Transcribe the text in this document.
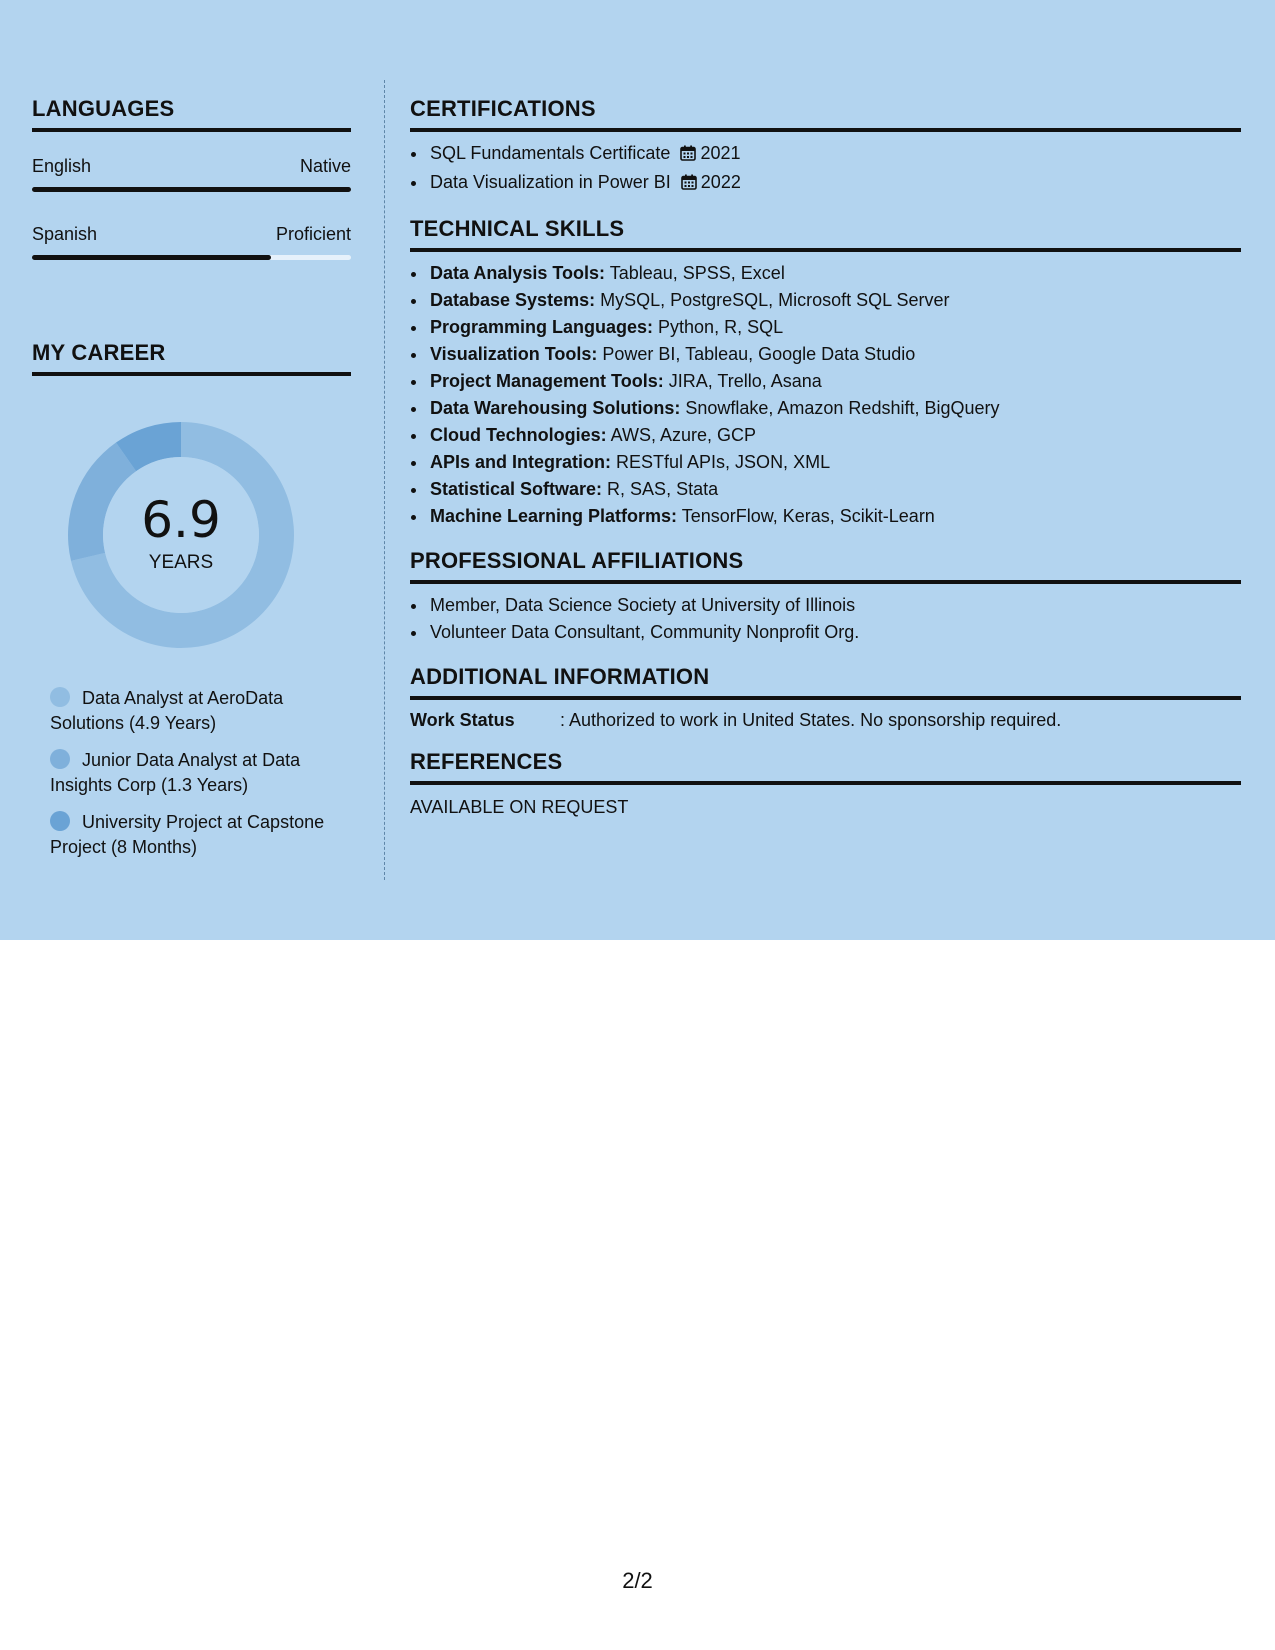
LANGUAGES
English	Native
Spanish	Proficient
MY CAREER
6.9
YEARS
Data Analyst at AeroData Solutions (4.9 Years)
Junior Data Analyst at Data Insights Corp (1.3 Years)
University Project at Capstone Project (8 Months)
CERTIFICATIONS
• SQL Fundamentals Certificate 2021
• Data Visualization in Power BI 2022
TECHNICAL SKILLS
• Data Analysis Tools: Tableau, SPSS, Excel
• Database Systems: MySQL, PostgreSQL, Microsoft SQL Server
• Programming Languages: Python, R, SQL
• Visualization Tools: Power BI, Tableau, Google Data Studio
• Project Management Tools: JIRA, Trello, Asana
• Data Warehousing Solutions: Snowflake, Amazon Redshift, BigQuery
• Cloud Technologies: AWS, Azure, GCP
• APIs and Integration: RESTful APIs, JSON, XML
• Statistical Software: R, SAS, Stata
• Machine Learning Platforms: TensorFlow, Keras, Scikit-Learn
PROFESSIONAL AFFILIATIONS
• Member, Data Science Society at University of Illinois
• Volunteer Data Consultant, Community Nonprofit Org.
ADDITIONAL INFORMATION
Work Status	: Authorized to work in United States. No sponsorship required.
REFERENCES
AVAILABLE ON REQUEST
2/2
